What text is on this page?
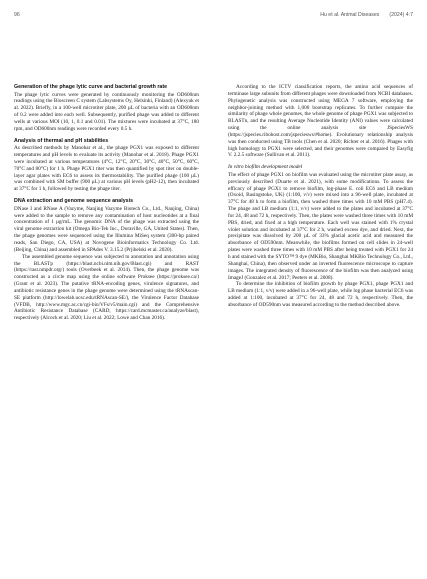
96	Hu et al. Animal Diseases (2024) 4:7
Generation of the phage lytic curve and bacterial growth rate

The phage lytic curves were generated by continuously monitoring the OD600nm readings using the Bioscreen C system (Labsystems Oy, Helsinki, Finland) (Alexyuk et al. 2022). Briefly, in a 100-well microtiter plate, 200 µL of bacteria with an OD600nm of 0.2 were added into each well. Subsequently, purified phage was added to different wells at various MOI (10, 1, 0.1 and 0.01). The mixtures were incubated at 37°C, 180 rpm, and OD600nm readings were recorded every 0.5 h.

Analysis of thermal and pH stabilities

As described methods by Manohar et al., the phage PGX1 was exposed to different temperatures and pH levels to evaluate its activity (Manohar et al. 2018). Phage PGX1 were incubated at various temperatures (4°C, 12°C, 20°C, 30°C, 40°C, 50°C, 60°C, 70°C and 80°C) for 1 h. Phage PGX1 titer was then quantified by spot titer on double-layer agar plates with EC6 to assess its thermostability. The purified phage (100 µL) was combined with SM buffer (900 µL) at various pH levels (pH2-12), then incubated at 37°C for 1 h, followed by testing the phage titer.

DNA extraction and genome sequence analysis

DNase I and RNase A (Vazyme, Nanjing Vazyme Biotech Co., Ltd., Nanjing, China) were added to the sample to remove any contamination of host nucleotides at a final concentration of 1 µg/mL. The genomic DNA of the phage was extracted using the viral genome extraction kit (Omega Bio-Tek Inc., Doraville, GA, United States). Then, the phage genomes were sequenced using the Illumina MiSeq system (300-bp paired reads, San Diego, CA, USA) at Novogene Bioinformatics Technology Co. Ltd. (Beijing, China) and assembled in SPAdes V. 3.15.2 (Prjibelski et al. 2020).

The assembled genome sequence was subjected to annotation and annotation using the BLASTp (https://blast.ncbi.nlm.nih.gov/Blast.cgi) and RAST (https://rast.nmpdr.org/) tools (Overbeek et al. 2014). Then, the phage genome was constructed as a circle map using the online software Proksee (https://proksee.ca/) (Grant et al. 2023). The putative tRNA-encoding genes, virulence signatures, and antibiotic resistance genes in the phage genome were determined using the tRNAscan-SE platform (http://lowelab.ucsc.edu/tRNAscan-SE/), the Virulence Factor Database (VFDB, http://www.mgc.ac.cn/cgi-bin/VFs/v5/main.cgi) and the Comprehensive Antibiotic Resistance Database (CARD, https://card.mcmaster.ca/analyze/blast), respectively (Alcock et al. 2020; Liu et al. 2022; Lowe and Chan 2016).

According to the ICTV classification reports, the amino acid sequences of terminase large subunits from different phages were downloaded from NCBI databases. Phylogenetic analysis was constructed using MEGA 7 software, employing the neighbor-joining method with 1,000 bootstrap replicates. To further compare the similarity of phage whole genomes, the whole genome of phage PGX1 was subjected to BLASTn, and the resulting Average Nucleotide Identity (ANI) values were calculated using the online analysis site JSpeciesWS (https://jspecies.ribohost.com/jspeciesws/#home). Evolutionary relationship analysis was then conducted using TB tools (Chen et al. 2020; Richter et al. 2016). Phages with high homology to PGX1 were selected, and their genomes were compared by Easyfig V. 2.2.5 software (Sullivan et al. 2011).

In vitro biofilm development model

The effect of phage PGX1 on biofilm was evaluated using the microtiter plate assay, as previously described (Duarte et al. 2021), with some modifications. To assess the efficacy of phage PGX1 to remove biofilm, log-phase E. coli EC6 and LB medium (Oxoid, Basingstoke, UK) (1:100, v/v) were mixed into a 96-well plate, incubated at 37°C for 48 h to form a biofilm, then washed three times with 10 mM PBS (pH7.4). The phage and LB medium (1:1, v/v) were added to the plates and incubated at 37°C for 24, 48 and 72 h, respectively. Then, the plates were washed three times with 10 mM PBS, dried, and fixed at a high temperature. Each well was stained with 1% crystal violet solution and incubated at 37°C for 2 h, washed excess dye, and dried. Next, the precipitate was dissolved by 200 µL of 33% glacial acetic acid and measured the absorbance of OD590nm. Meanwhile, the biofilms formed on cell slides in 24-well plates were washed three times with 10 mM PBS after being treated with PGX1 for 24 h and stained with the SYTO™ 9 dye (MKBio, Shanghai MKBio Technology Co., Ltd., Shanghai, China), then observed under an inverted fluorescence microscope to capture images. The integrated density of fluorescence of the biofilm was then analyzed using ImageJ (Gonzalez et al. 2017; Peeters et al. 2008).

To determine the inhibition of biofilm growth by phage PGX1, phage PGX1 and LB medium (1:1, v/v) were added in a 96-well plate, while log phase bacterial EC6 was added at 1:100, incubated at 37°C for 24, 48 and 72 h, respectively. Then, the absorbance of OD590nm was measured according to the method described above.
